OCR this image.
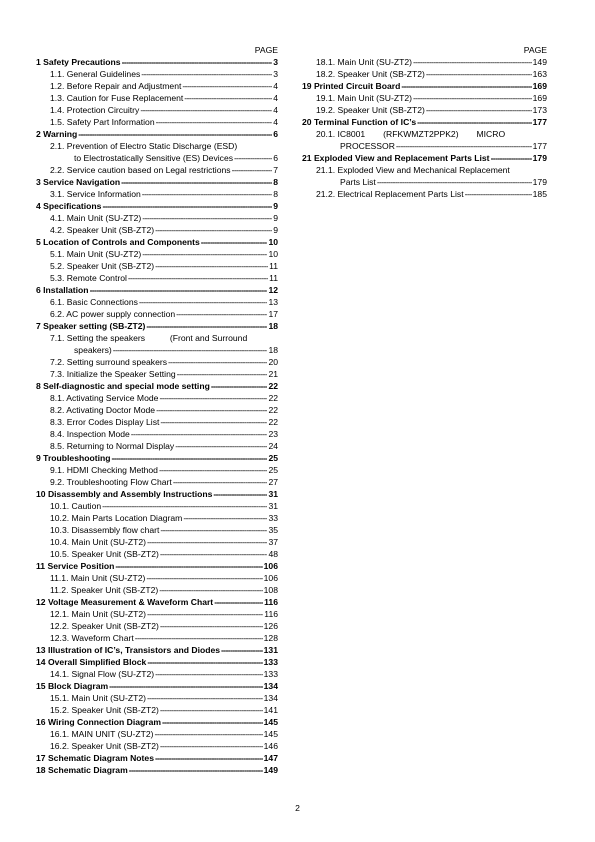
PAGE
1 Safety Precautions -----	3
1.1. General Guidelines -----	3
1.2. Before Repair and Adjustment -----	4
1.3. Caution for Fuse Replacement -----	4
1.4. Protection Circuitry -----	4
1.5. Safety Part Information -----	4
2 Warning -----	6
2.1. Prevention of Electro Static Discharge (ESD)
to Electrostatically Sensitive (ES) Devices -----	6
2.2. Service caution based on Legal restrictions -----	7
3 Service Navigation -----	8
3.1. Service Information -----	8
4 Specifications -----	9
4.1. Main Unit (SU-ZT2) -----	9
4.2. Speaker Unit (SB-ZT2) -----	9
5 Location of Controls and Components -----	10
5.1. Main Unit (SU-ZT2) -----	10
5.2. Speaker Unit (SB-ZT2) -----	11
5.3. Remote Control -----	11
6 Installation -----	12
6.1. Basic Connections -----	13
6.2. AC power supply connection -----	17
7 Speaker setting (SB-ZT2) -----	18
7.1. Setting the speakers	(Front and Surround
speakers) -----	18
7.2. Setting surround speakers -----	20
7.3. Initialize the Speaker Setting -----	21
8 Self-diagnostic and special mode setting -----	22
8.1. Activating Service Mode -----	22
8.2. Activating Doctor Mode -----	22
8.3. Error Codes Display List -----	22
8.4. Inspection Mode -----	23
8.5. Returning to Normal Display -----	24
9 Troubleshooting -----	25
9.1. HDMI Checking Method -----	25
9.2. Troubleshooting Flow Chart -----	27
10 Disassembly and Assembly Instructions -----	31
10.1. Caution -----	31
10.2. Main Parts Location Diagram -----	33
10.3. Disassembly flow chart -----	35
10.4. Main Unit (SU-ZT2) -----	37
10.5. Speaker Unit (SB-ZT2) -----	48
11 Service Position -----	106
11.1. Main Unit (SU-ZT2) -----	106
11.2. Speaker Unit (SB-ZT2) -----	108
12 Voltage Measurement & Waveform Chart -----	116
12.1. Main Unit (SU-ZT2) -----	116
12.2. Speaker Unit (SB-ZT2) -----	126
12.3. Waveform Chart -----	128
13 Illustration of IC’s, Transistors and Diodes -----	131
14 Overall Simplified Block -----	133
14.1. Signal Flow (SU-ZT2) -----	133
15 Block Diagram -----	134
15.1. Main Unit (SU-ZT2) -----	134
15.2. Speaker Unit (SB-ZT2) -----	141
16 Wiring Connection Diagram -----	145
16.1. MAIN UNIT (SU-ZT2) -----	145
16.2. Speaker Unit (SB-ZT2) -----	146
17 Schematic Diagram Notes -----	147
18 Schematic Diagram -----	149
PAGE
18.1. Main Unit (SU-ZT2) -----	149
18.2. Speaker Unit (SB-ZT2) -----	163
19 Printed Circuit Board -----	169
19.1. Main Unit (SU-ZT2) -----	169
19.2. Speaker Unit (SB-ZT2) -----	173
20 Terminal Function of IC’s -----	177
20.1. IC8001 (RFKWMZT2PPK2) MICRO
PROCESSOR -----	177
21 Exploded View and Replacement Parts List -----	179
21.1. Exploded View and Mechanical Replacement
Parts List -----	179
21.2. Electrical Replacement Parts List -----	185
2
